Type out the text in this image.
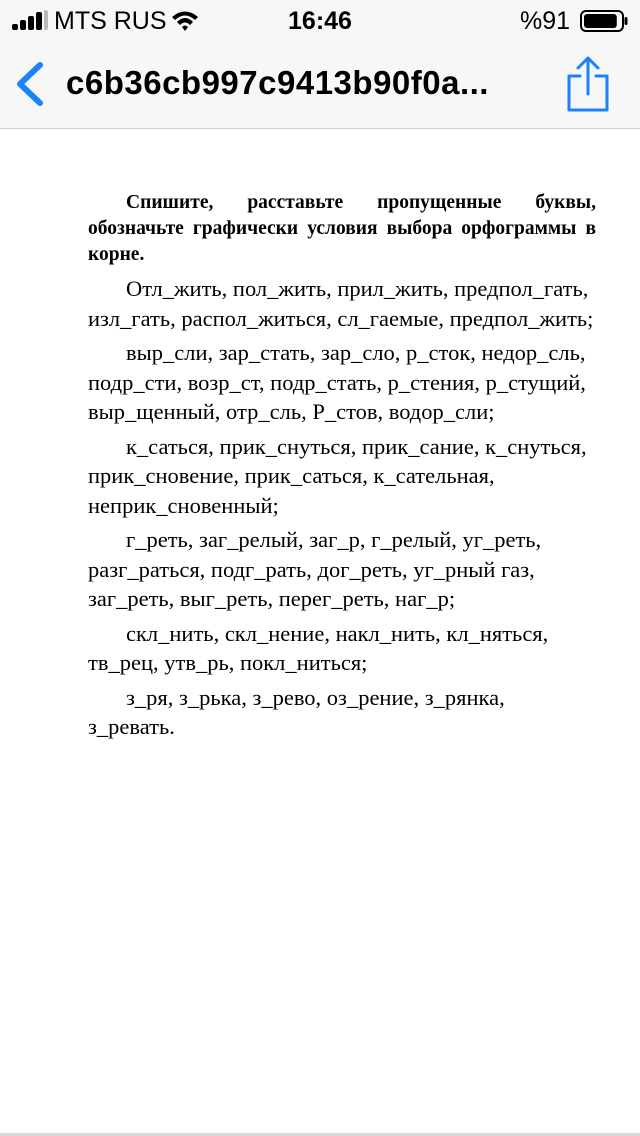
MTS RUS	16:46	%91
c6b36cb997c9413b90f0a...

Спишите, расставьте пропущенные буквы, обозначьте графически условия выбора орфограммы в корне.

Отл_жить, пол_жить, прил_жить, предпол_гать, изл_гать, распол_житься, сл_гаемые, предпол_жить;

выр_сли, зар_стать, зар_сло, р_сток, недор_сль, подр_сти, возр_ст, подр_стать, р_стения, р_стущий, выр_щенный, отр_сль, Р_стов, водор_сли;

к_саться, прик_снуться, прик_сание, к_снуться, прик_сновение, прик_саться, к_сательная, неприк_сновенный;

г_реть, заг_релый, заг_р, г_релый, уг_реть, разг_раться, подг_рать, дог_реть, уг_рный газ, заг_реть, выг_реть, перег_реть, наг_р;

скл_нить, скл_нение, накл_нить, кл_няться, тв_рец, утв_рь, покл_ниться;

з_ря, з_рька, з_рево, оз_рение, з_рянка, з_ревать.
